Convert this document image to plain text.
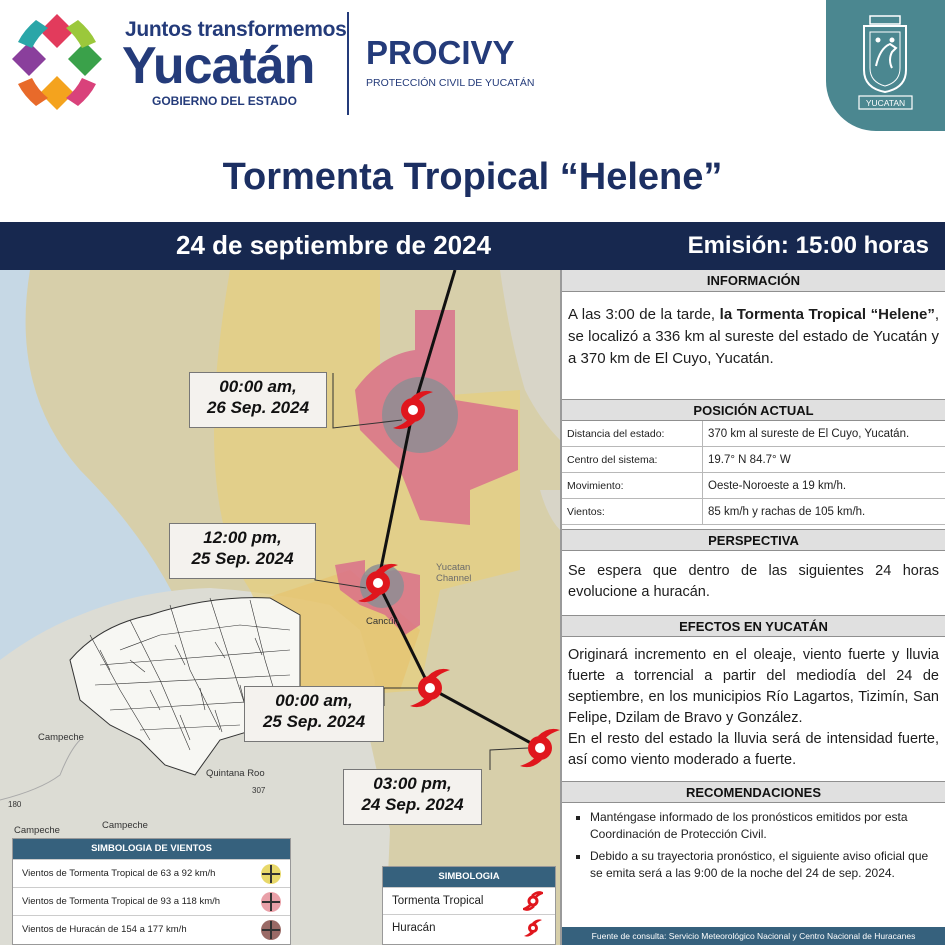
Juntos transformemos
Yucatán
GOBIERNO DEL ESTADO
PROCIVY
PROTECCIÓN CIVIL DE YUCATÁN
YUCATAN
Tormenta Tropical “Helene”
24 de septiembre de 2024	Emisión: 15:00 horas
00:00 am,
26 Sep. 2024
12:00 pm,
25 Sep. 2024
00:00 am,
25 Sep. 2024
03:00 pm,
24 Sep. 2024
Yucatan Channel
Cancún
Campeche
Quintana Roo
Campeche
Campeche
180
307
INFORMACIÓN
A las 3:00 de la tarde, la Tormenta Tropical “Helene”, se localizó a 336 km al sureste del estado de Yucatán y a 370 km de El Cuyo, Yucatán.
POSICIÓN ACTUAL
Distancia del estado:	370 km al sureste de El Cuyo, Yucatán.
Centro del sistema:	19.7° N 84.7° W
Movimiento:	Oeste-Noroeste a 19 km/h.
Vientos:	85 km/h y rachas de 105 km/h.
PERSPECTIVA
Se espera que dentro de las siguientes 24 horas evolucione a huracán.
EFECTOS EN YUCATÁN
Originará incremento en el oleaje, viento fuerte y lluvia fuerte a torrencial a partir del mediodía del 24 de septiembre, en los municipios Río Lagartos, Tizimín, San Felipe, Dzilam de Bravo y González.
En el resto del estado la lluvia será de intensidad fuerte, así como viento moderado a fuerte.
RECOMENDACIONES
▪ Manténgase informado de los pronósticos emitidos por esta Coordinación de Protección Civil.
▪ Debido a su trayectoria pronóstico, el siguiente aviso oficial que se emita será a las 9:00 de la noche del 24 de sep. 2024.
Fuente de consulta: Servicio Meteorológico Nacional y Centro Nacional de Huracanes
SIMBOLOGIA DE VIENTOS
Vientos de Tormenta Tropical de 63 a 92 km/h
Vientos de Tormenta Tropical de 93 a 118 km/h
Vientos de Huracán de 154 a 177 km/h
SIMBOLOGIA
Tormenta Tropical
Huracán
